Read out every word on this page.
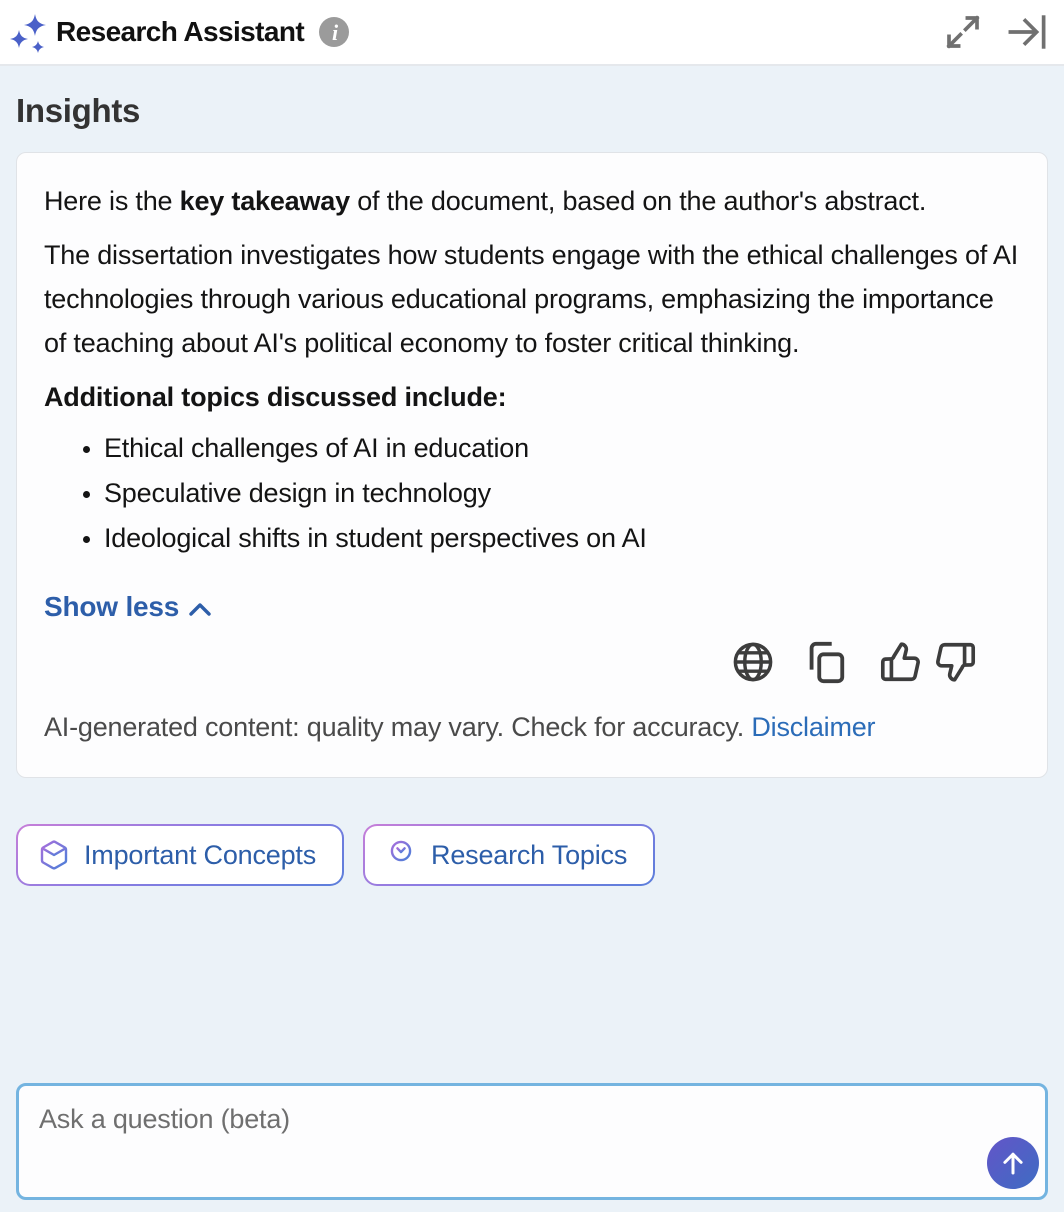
Research Assistant i
Insights

Here is the key takeaway of the document, based on the author's abstract.

The dissertation investigates how students engage with the ethical challenges of AI technologies through various educational programs, emphasizing the importance of teaching about AI's political economy to foster critical thinking.

Additional topics discussed include:
• Ethical challenges of AI in education
• Speculative design in technology
• Ideological shifts in student perspectives on AI
Show less

AI-generated content: quality may vary. Check for accuracy. Disclaimer

Important Concepts	Research Topics
Ask a question (beta)
